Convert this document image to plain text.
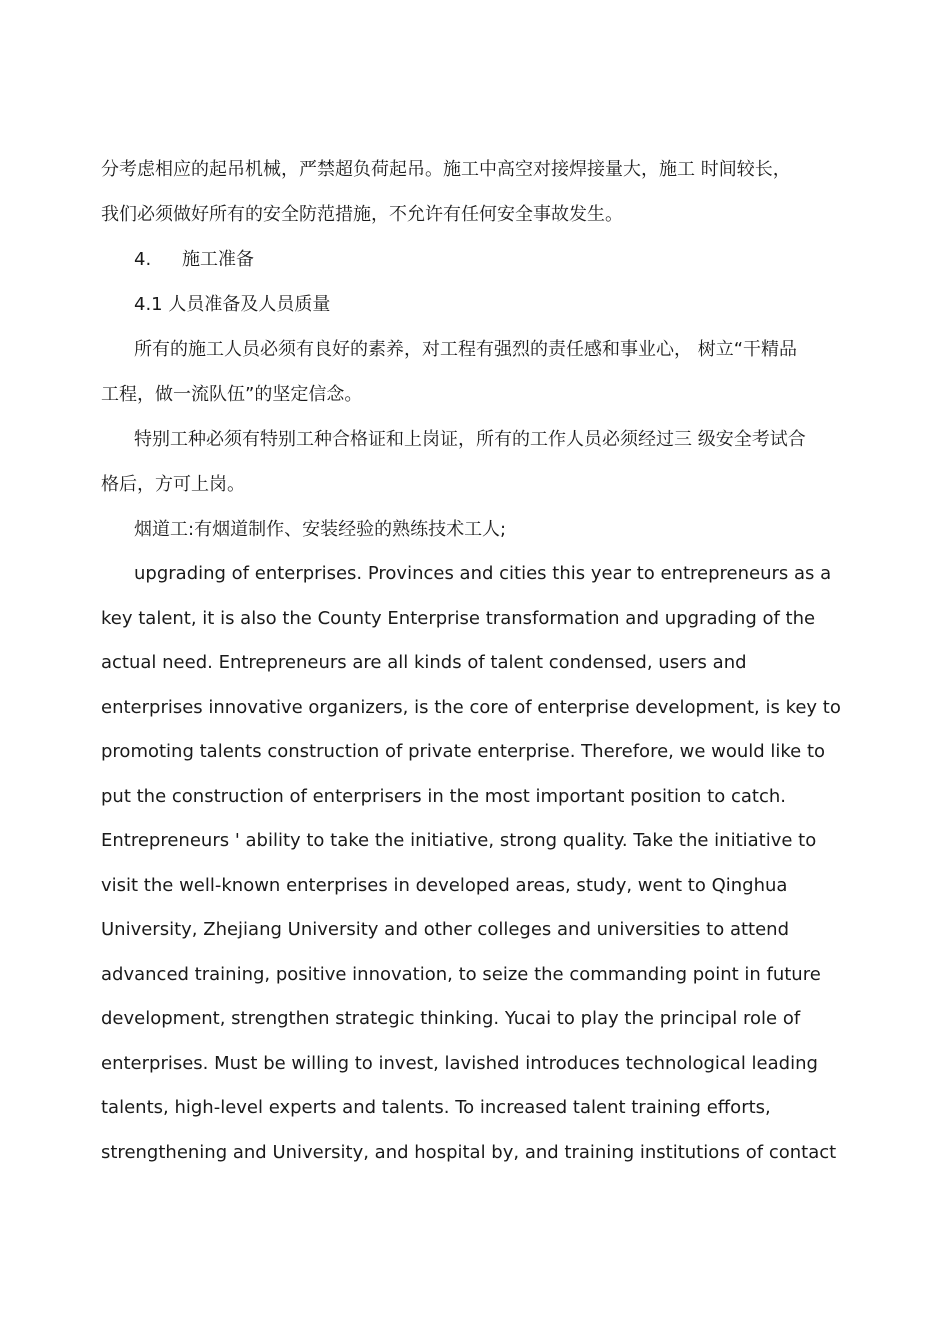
分考虑相应的起吊机械，严禁超负荷起吊。施工中高空对接焊接量大，施工 时间较长，
我们必须做好所有的安全防范措施，不允许有任何安全事故发生。
4. 施工准备
4.1 人员准备及人员质量
所有的施工人员必须有良好的素养，对工程有强烈的责任感和事业心， 树立“干精品
工程，做一流队伍”的坚定信念。
特别工种必须有特别工种合格证和上岗证，所有的工作人员必须经过三 级安全考试合
格后，方可上岗。
烟道工:有烟道制作、安装经验的熟练技术工人;
upgrading of enterprises. Provinces and cities this year to entrepreneurs as a
key talent, it is also the County Enterprise transformation and upgrading of the
actual need. Entrepreneurs are all kinds of talent condensed, users and
enterprises innovative organizers, is the core of enterprise development, is key to
promoting talents construction of private enterprise. Therefore, we would like to
put the construction of enterprisers in the most important position to catch.
Entrepreneurs ' ability to take the initiative, strong quality. Take the initiative to
visit the well-known enterprises in developed areas, study, went to Qinghua
University, Zhejiang University and other colleges and universities to attend
advanced training, positive innovation, to seize the commanding point in future
development, strengthen strategic thinking. Yucai to play the principal role of
enterprises. Must be willing to invest, lavished introduces technological leading
talents, high-level experts and talents. To increased talent training efforts,
strengthening and University, and hospital by, and training institutions of contact
